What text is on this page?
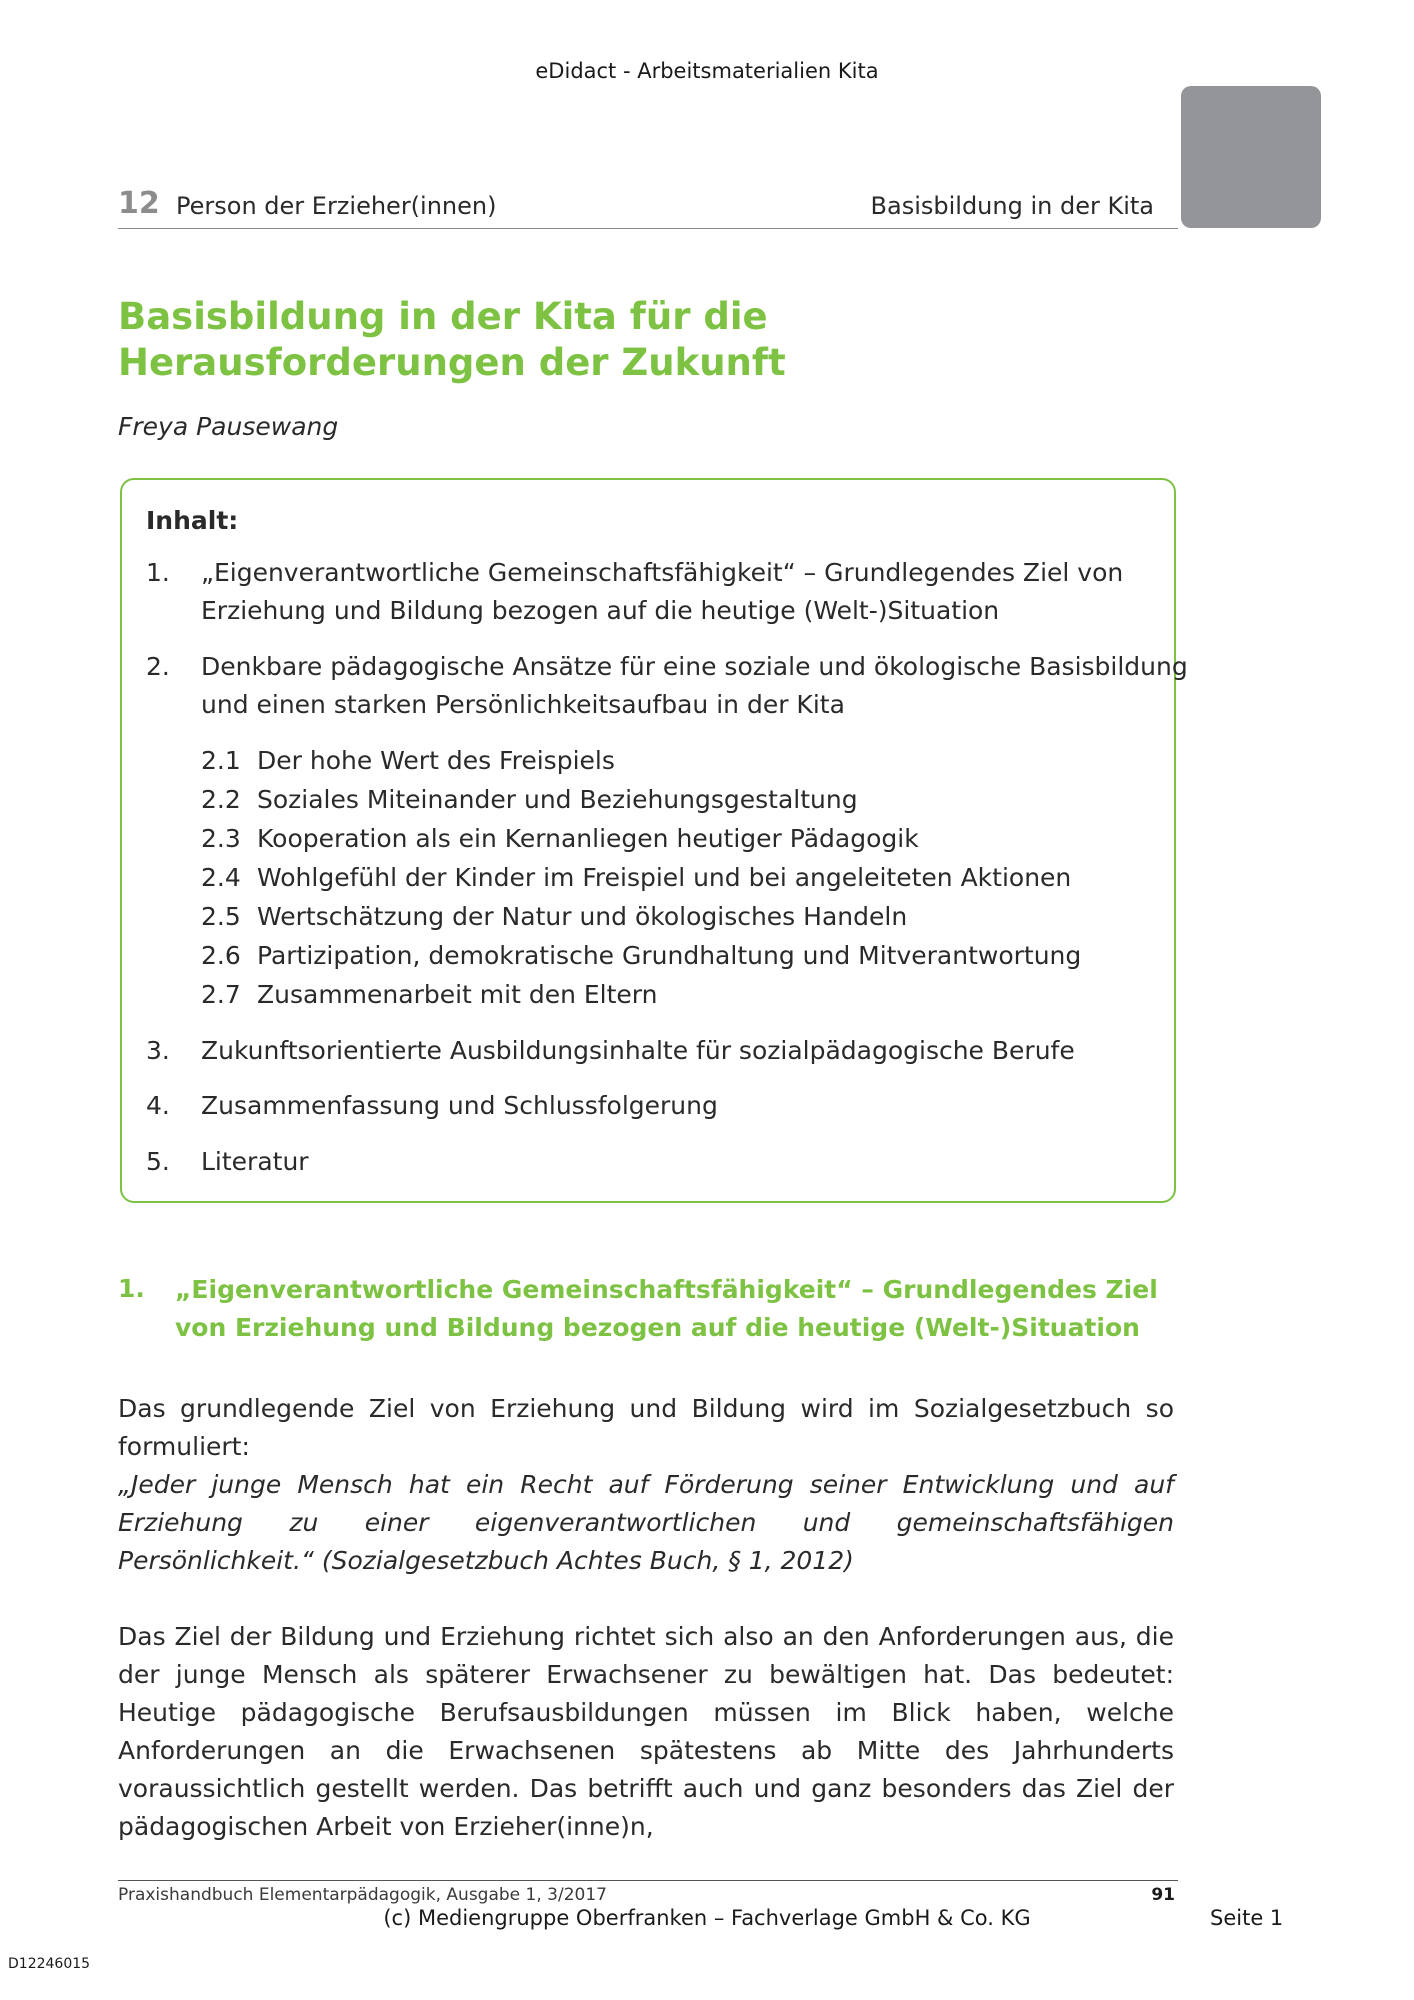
eDidact - Arbeitsmaterialien Kita
12 Person der Erzieher(innen)	Basisbildung in der Kita
Basisbildung in der Kita für die Herausforderungen der Zukunft
Freya Pausewang
Inhalt:
1. „Eigenverantwortliche Gemeinschaftsfähigkeit“ – Grundlegendes Ziel von
Erziehung und Bildung bezogen auf die heutige (Welt-)Situation
2. Denkbare pädagogische Ansätze für eine soziale und ökologische Basisbildung
und einen starken Persönlichkeitsaufbau in der Kita
2.1 Der hohe Wert des Freispiels
2.2 Soziales Miteinander und Beziehungsgestaltung
2.3 Kooperation als ein Kernanliegen heutiger Pädagogik
2.4 Wohlgefühl der Kinder im Freispiel und bei angeleiteten Aktionen
2.5 Wertschätzung der Natur und ökologisches Handeln
2.6 Partizipation, demokratische Grundhaltung und Mitverantwortung
2.7 Zusammenarbeit mit den Eltern
3. Zukunftsorientierte Ausbildungsinhalte für sozialpädagogische Berufe
4. Zusammenfassung und Schlussfolgerung
5. Literatur
1. „Eigenverantwortliche Gemeinschaftsfähigkeit“ – Grundlegendes Ziel von Erziehung und Bildung bezogen auf die heutige (Welt-)Situation

Das grundlegende Ziel von Erziehung und Bildung wird im Sozialgesetzbuch so formuliert:

„Jeder junge Mensch hat ein Recht auf Förderung seiner Entwicklung und auf Erziehung zu einer eigenverantwortlichen und gemeinschaftsfähigen Persönlichkeit.“ (Sozialgesetzbuch Achtes Buch, § 1, 2012)

Das Ziel der Bildung und Erziehung richtet sich also an den Anforderungen aus, die der junge Mensch als späterer Erwachsener zu bewältigen hat. Das bedeutet: Heutige pädagogische Berufsausbildungen müssen im Blick haben, welche Anforderungen an die Erwachsenen spätestens ab Mitte des Jahrhunderts voraussichtlich gestellt werden. Das betrifft auch und ganz besonders das Ziel der pädagogischen Arbeit von Erzieher(inne)n,

Praxishandbuch Elementarpädagogik, Ausgabe 1, 3/2017	91
(c) Mediengruppe Oberfranken – Fachverlage GmbH & Co. KG	Seite 1
D12246015
